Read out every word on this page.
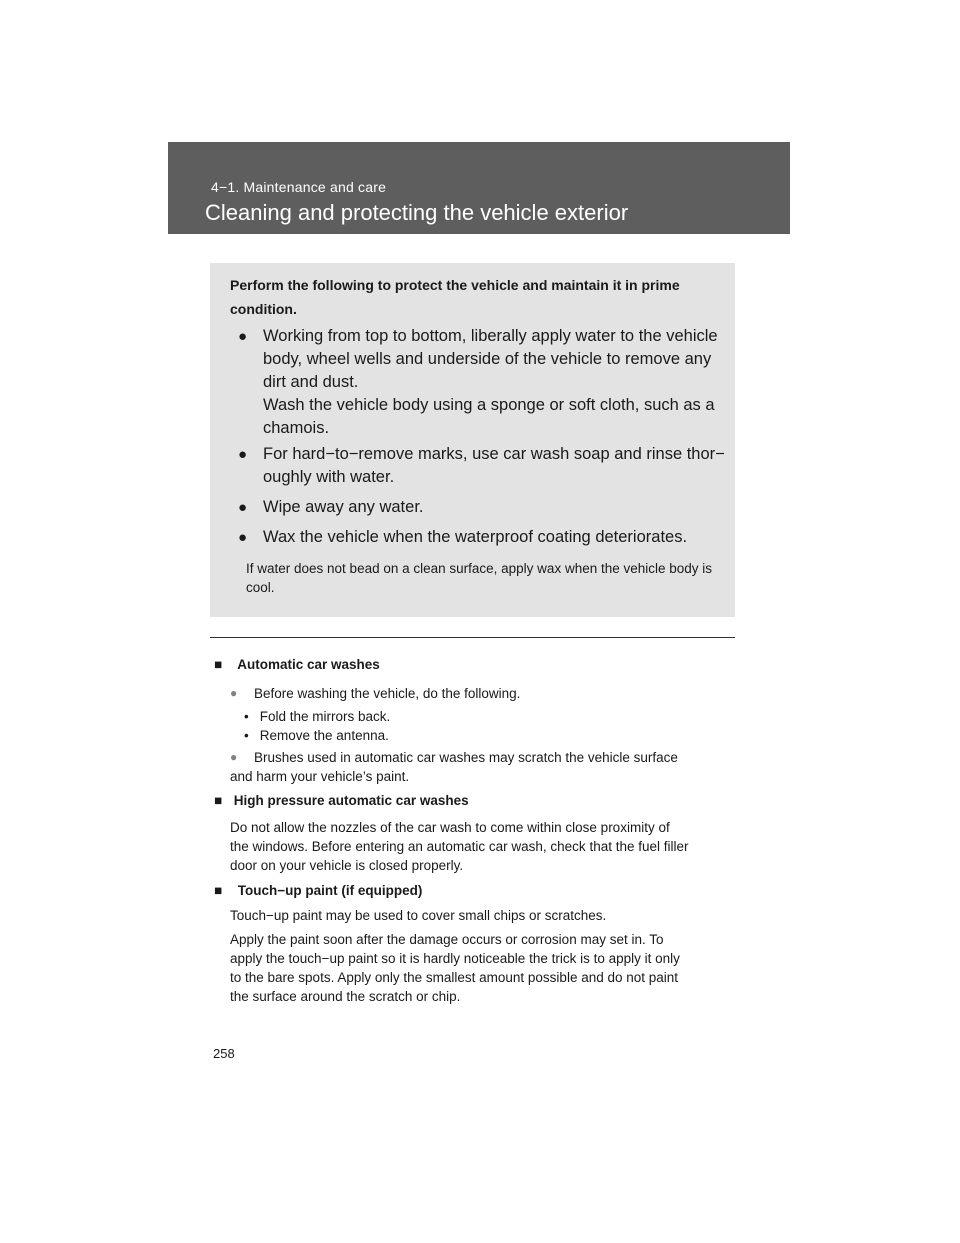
4−1. Maintenance and care
Cleaning and protecting the vehicle exterior
Perform the following to protect the vehicle and maintain it in prime condition.
● Working from top to bottom, liberally apply water to the vehicle
body, wheel wells and underside of the vehicle to remove any
dirt and dust.
Wash the vehicle body using a sponge or soft cloth, such as a
chamois.
● For hard−to−remove marks, use car wash soap and rinse thor−
oughly with water.
● Wipe away any water.
● Wax the vehicle when the waterproof coating deteriorates.
If water does not bead on a clean surface, apply wax when the vehicle body is cool.
■ Automatic car washes
●	Before washing the vehicle, do the following.
• Fold the mirrors back.
• Remove the antenna.
●	Brushes used in automatic car washes may scratch the vehicle surface
and harm your vehicle’s paint.
■ High pressure automatic car washes
Do not allow the nozzles of the car wash to come within close proximity of
the windows. Before entering an automatic car wash, check that the fuel filler
door on your vehicle is closed properly.
■ Touch−up paint (if equipped)
Touch−up paint may be used to cover small chips or scratches.
Apply the paint soon after the damage occurs or corrosion may set in. To
apply the touch−up paint so it is hardly noticeable the trick is to apply it only
to the bare spots. Apply only the smallest amount possible and do not paint
the surface around the scratch or chip.
258
